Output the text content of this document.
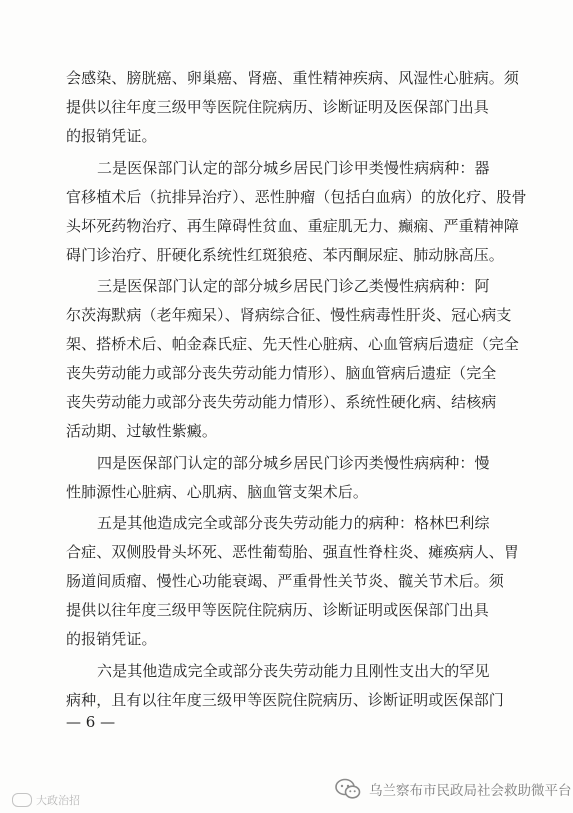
会感染、膀胱癌、卵巢癌、肾癌、重性精神疾病、风湿性心脏病。须
提供以往年度三级甲等医院住院病历、诊断证明及医保部门出具
的报销凭证。
二是医保部门认定的部分城乡居民门诊甲类慢性病病种：器
官移植术后（抗排异治疗）、恶性肿瘤（包括白血病）的放化疗、股骨
头坏死药物治疗、再生障碍性贫血、重症肌无力、癫痫、严重精神障
碍门诊治疗、肝硬化系统性红斑狼疮、苯丙酮尿症、肺动脉高压。
三是医保部门认定的部分城乡居民门诊乙类慢性病病种：阿
尔茨海默病（老年痴呆）、肾病综合征、慢性病毒性肝炎、冠心病支
架、搭桥术后、帕金森氏症、先天性心脏病、心血管病后遗症（完全
丧失劳动能力或部分丧失劳动能力情形）、脑血管病后遗症（完全
丧失劳动能力或部分丧失劳动能力情形）、系统性硬化病、结核病
活动期、过敏性紫癜。
四是医保部门认定的部分城乡居民门诊丙类慢性病病种：慢
性肺源性心脏病、心肌病、脑血管支架术后。
五是其他造成完全或部分丧失劳动能力的病种：格林巴利综
合症、双侧股骨头坏死、恶性葡萄胎、强直性脊柱炎、瘫痪病人、胃
肠道间质瘤、慢性心功能衰竭、严重骨性关节炎、髋关节术后。须
提供以往年度三级甲等医院住院病历、诊断证明或医保部门出具
的报销凭证。
六是其他造成完全或部分丧失劳动能力且刚性支出大的罕见
病种，且有以往年度三级甲等医院住院病历、诊断证明或医保部门
— 6 —
大政治招
乌兰察布市民政局社会救助微平台
